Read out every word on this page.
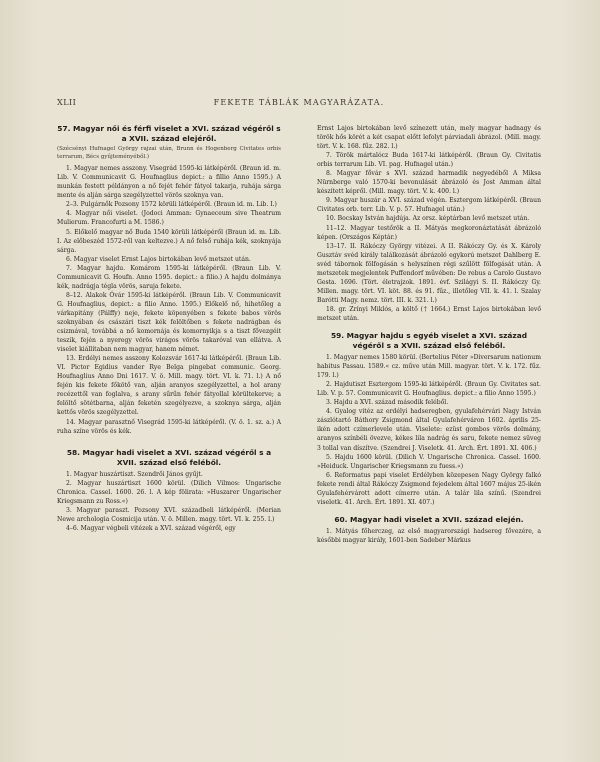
XLII	FEKETE TÁBLÁK MAGYARÁZATA.
57. Magyar női és férfi viselet a XVI. század végéről s a XVII. század elejéről.

(Szécsényi Hufnagel György rajzai után, Brunn és Hogenberg Civitates orbis terrarum, Bécs gyűjteményéből.)

1. Magyar nemes asszony. Visegrád 1595-ki látképéről. (Braun id. m. Lib. V. Communicavit G. Houfnaglius depict.: a fillio Anno 1595.) A munkán festett példányon a nő fejét fehér fátyol takarja, ruhája sárga mente és alján sárga szegélyzettel vörös szoknya van.

2–3. Pulgárnők Pozsony 1572 körüli látképéről. (Braun id. m. Lib. I.)

4. Magyar női viselet. (Jodoci Amman: Gynaeceum sive Theatrum Mulierum. Francofurti a M. 1586.)

5. Előkelő magyar nő Buda 1540 körüli látképéről (Braun id. m. Lib. I. Az előbeszéd 1572-ről van keltezve.) A nő felső ruhája kék, szoknyája sárga.

6. Magyar viselet Ernst Lajos birtokában levő metszet után.

7. Magyar hajdu. Komárom 1595-ki látképéről. (Braun Lib. V. Communicavit G. Houfn. Anno 1595. depict.: a filio.) A hajdu dolmánya kék, nadrágja tégla vörös, saruja fekete.

8–12. Alakok Óvár 1595-ki látképéről. (Braun Lib. V. Communicavit G. Houfnaglius, depict.: a filio Anno. 1595.) Előkelő nő, hihetőleg a várkapitány (Pálffy) neje, fekete köpenyében s fekete babos vörös szoknyában és császári tiszt kék felöltőben s fekete nadrágban és csizmával, továbbá a nő komornája és komornyikja s a tiszt fővezgéit teszik, fején a nyeregy vörös virágos vörös takaróval van ellátva. A viselet kiállítaban nem magyar, hanem német.

13. Erdélyi nemes asszony Kolozsvár 1617-ki látképéről. (Braun Lib. VI. Pictor Egidius vander Rye Belga pingebat communic. Georg. Houfnaglius Anno Dni 1617. V. ö. Mill. magy. tört. VI. k. 71. l.) A nő fején kis fekete főkötő van, alján aranyos szegélyzettel, a hol arany recézettől van foglalva, s arany sűrűn fehér fátyollal körültekerve; a felöltő sötétbarna, alján feketén szegélyezve, a szoknya sárga, alján kettős vörös szegélyzettel.

14. Magyar parasztnő Visegrád 1595-ki látképéről. (V. ö. 1. sz. a.) A ruha színe vörös és kék.

58. Magyar hadi viselet a XVI. század végéről s a XVII. század első feléből.

1. Magyar huszártiszt. Szendrői János gyűjt.

2. Magyar huszártiszt 1600 körül. (Dilich Vilmos: Ungarische Chronica. Cassel. 1600. 26. l. A kép fölirata: »Huszarer Ungarischer Kriegsmann zu Ross.«)

3. Magyar paraszt. Pozsony XVI. századbeli látképéről. (Merian Newe archologia Cosmicija után. V. ö. Millen. magy. tört. VI. k. 255. l.)

4–6. Magyar végbeli vitézek a XVI. század végéről, egy

Ernst Lajos birtokában levő színezett után, mely magyar hadnagy és török hős körét a két csapat előtt lefolyt párviadali ábrázol. (Mill. magy. tört. V. k. 168. fűz. 282. l.)

7. Török mártalócz Buda 1617-ki látképéről. (Braun Gy. Civitatis orbis terrarum Lib. VI. pag. Hufnagel után.)

8. Magyar fővár s XVI. század harmadik negyedéből A Miksa Nürnberge való 1570-ki bevonulását ábrázoló és Jost Amman által készített képről. (Mill. magy. tört. V. k. 400. l.)

9. Magyar huszár a XVI. század végén. Esztergom látképéről. (Braun Civitates orb. terr. Lib. V. p. 57. Hufnagel után.)

10. Bocskay István hajdúja. Az orsz. képtárban levő metszet után.

11–12. Magyar testőrök a II. Mátyás megkoronáztatását ábrázoló képen. (Országos Képtár.)

13–17. II. Rákóczy György vitézei. A II. Rákóczy Gy. és X. Károly Gusztáv svéd király találkozását ábrázoló egykorú metszet Dahlberg E. svéd tábornok fölfogásán s helyszínen régi szűlött fölfogását után. A metszetek megjelentek Puffendorf művében: De rebus a Carolo Gustavo Gesta. 1696. (Tört. életrajzok. 1891. évf. Szilágyi S. II. Rákóczy Gy. Millen. magy. tört. VI. köt. 88. és 91. fűz., illetőleg VII. k. 41. l. Szalay Barótti Magy. nemz. tört. III. k. 321. l.)

18. gr. Zrínyi Miklós, a költő († 1664.) Ernst Lajos birtokában levő metszet után.

59. Magyar hajdu s egyéb viselet a XVI. század végéről s a XVII. század első feléből.

1. Magyar nemes 1580 körül. (Bertelius Péter »Diversarum nationum habitus Passau. 1589.« cz. műve után Mill. magyar. tört. V. k. 172. fűz. 179. l.)

2. Hajdutiszt Esztergom 1595-ki látképéről. (Braun Gy. Civitates sat. Lib. V. p. 57. Communicavit G. Houfnaglius. depict.: a filio Anno 1595.)

3. Hajdu a XVI. század második feléből.

4. Gyalog vitéz az erdélyi hadseregben, gyulafehérvári Nagy István zászlótartó Báthory Zsigmond által Gyulafehérváron 1602. április 25-ikén adott czímerlevele után. Viselete: ezüst gombos vörös dolmány, aranyos színbéli övezve, kékes lila nadrág és saru, fekete nemez süveg 3 tollal van díszítve. (Szendrei J. Viseletk. 41. Arch. Ért. 1891. XI. 406.)

5. Hajdu 1600 körül. (Dilich V. Ungarische Chronica. Cassel. 1600. »Heiduck. Ungarischer Kriegsmann zu fuess.«)

6. Reformatus papi viselet Erdélyben közepesen Nagy György falkó fekete rendi által Rákóczy Zsigmond fejedelem által 1607 május 25-ikén Gyulafehérvárott adott címerre után. A talár lila színű. (Szendrei viseletk. 41. Arch. Ért. 1891. XI. 407.)

60. Magyar hadi viselet a XVII. század elején.

1. Mátyás főherczeg, az első magyarországi hadsereg fővezére, a későbbi magyar király, 1601-ben Sadeber Márkus
